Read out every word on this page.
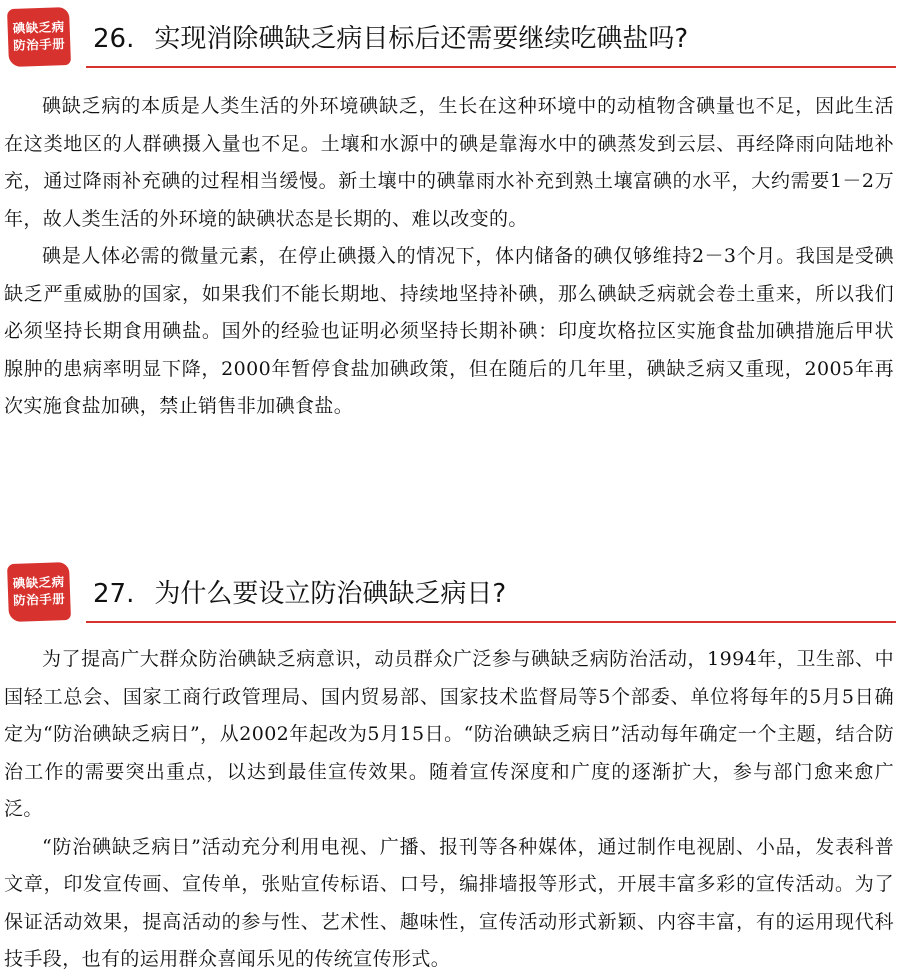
碘缺乏病
防治手册 26. 实现消除碘缺乏病目标后还需要继续吃碘盐吗?

碘缺乏病的本质是人类生活的外环境碘缺乏，生长在这种环境中的动植物含碘量也不足，因此生活在这类地区的人群碘摄入量也不足。土壤和水源中的碘是靠海水中的碘蒸发到云层、再经降雨向陆地补充，通过降雨补充碘的过程相当缓慢。新土壤中的碘靠雨水补充到熟土壤富碘的水平，大约需要1－2万年，故人类生活的外环境的缺碘状态是长期的、难以改变的。

碘是人体必需的微量元素，在停止碘摄入的情况下，体内储备的碘仅够维持2－3个月。我国是受碘缺乏严重威胁的国家，如果我们不能长期地、持续地坚持补碘，那么碘缺乏病就会卷土重来，所以我们必须坚持长期食用碘盐。国外的经验也证明必须坚持长期补碘：印度坎格拉区实施食盐加碘措施后甲状腺肿的患病率明显下降，2000年暂停食盐加碘政策，但在随后的几年里，碘缺乏病又重现，2005年再次实施食盐加碘，禁止销售非加碘食盐。

碘缺乏病
防治手册 27. 为什么要设立防治碘缺乏病日?

为了提高广大群众防治碘缺乏病意识，动员群众广泛参与碘缺乏病防治活动，1994年，卫生部、中国轻工总会、国家工商行政管理局、国内贸易部、国家技术监督局等5个部委、单位将每年的5月5日确定为“防治碘缺乏病日”，从2002年起改为5月15日。“防治碘缺乏病日”活动每年确定一个主题，结合防治工作的需要突出重点，以达到最佳宣传效果。随着宣传深度和广度的逐渐扩大，参与部门愈来愈广泛。

“防治碘缺乏病日”活动充分利用电视、广播、报刊等各种媒体，通过制作电视剧、小品，发表科普文章，印发宣传画、宣传单，张贴宣传标语、口号，编排墙报等形式，开展丰富多彩的宣传活动。为了保证活动效果，提高活动的参与性、艺术性、趣味性，宣传活动形式新颖、内容丰富，有的运用现代科技手段，也有的运用群众喜闻乐见的传统宣传形式。
